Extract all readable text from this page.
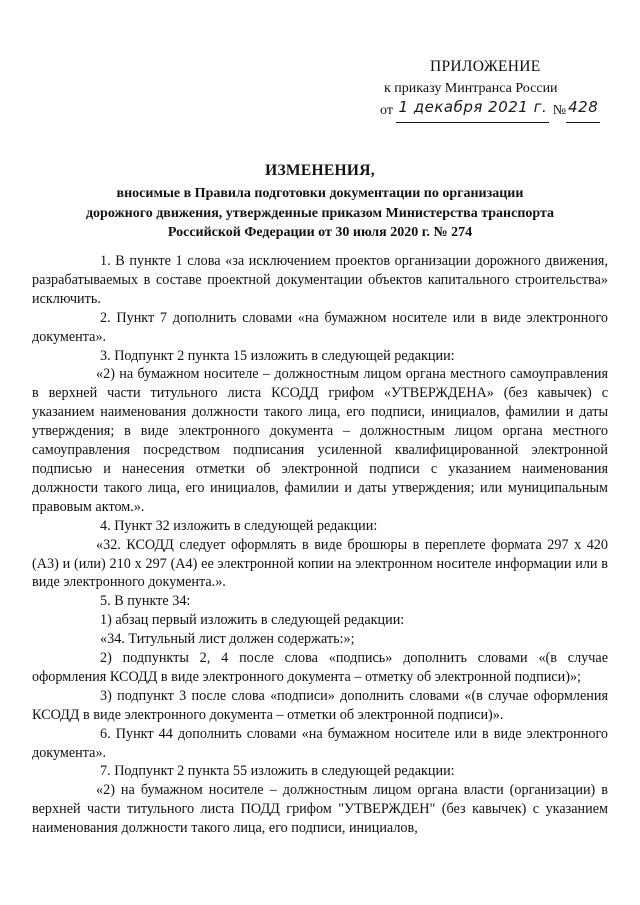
ПРИЛОЖЕНИЕ
к приказу Минтранса России
от 1 декабря 2021 г. № 428
ИЗМЕНЕНИЯ,
вносимые в Правила подготовки документации по организации
дорожного движения, утвержденные приказом Министерства транспорта
Российской Федерации от 30 июля 2020 г. № 274

1. В пункте 1 слова «за исключением проектов организации дорожного движения, разрабатываемых в составе проектной документации объектов капитального строительства» исключить.

2. Пункт 7 дополнить словами «на бумажном носителе или в виде электронного документа».

3. Подпункт 2 пункта 15 изложить в следующей редакции:

«2) на бумажном носителе – должностным лицом органа местного самоуправления в верхней части титульного листа КСОДД грифом «УТВЕРЖДЕНА» (без кавычек) с указанием наименования должности такого лица, его подписи, инициалов, фамилии и даты утверждения; в виде электронного документа – должностным лицом органа местного самоуправления посредством подписания усиленной квалифицированной электронной подписью и нанесения отметки об электронной подписи с указанием наименования должности такого лица, его инициалов, фамилии и даты утверждения; или муниципальным правовым актом.».

4. Пункт 32 изложить в следующей редакции:

«32. КСОДД следует оформлять в виде брошюры в переплете формата 297 x 420 (А3) и (или) 210 x 297 (А4) ее электронной копии на электронном носителе информации или в виде электронного документа.».

5. В пункте 34:

1) абзац первый изложить в следующей редакции:

«34. Титульный лист должен содержать:»;

2) подпункты 2, 4 после слова «подпись» дополнить словами «(в случае оформления КСОДД в виде электронного документа – отметку об электронной подписи)»;

3) подпункт 3 после слова «подписи» дополнить словами «(в случае оформления КСОДД в виде электронного документа – отметки об электронной подписи)».

6. Пункт 44 дополнить словами «на бумажном носителе или в виде электронного документа».

7. Подпункт 2 пункта 55 изложить в следующей редакции:

«2) на бумажном носителе – должностным лицом органа власти (организации) в верхней части титульного листа ПОДД грифом "УТВЕРЖДЕН" (без кавычек) с указанием наименования должности такого лица, его подписи, инициалов,
